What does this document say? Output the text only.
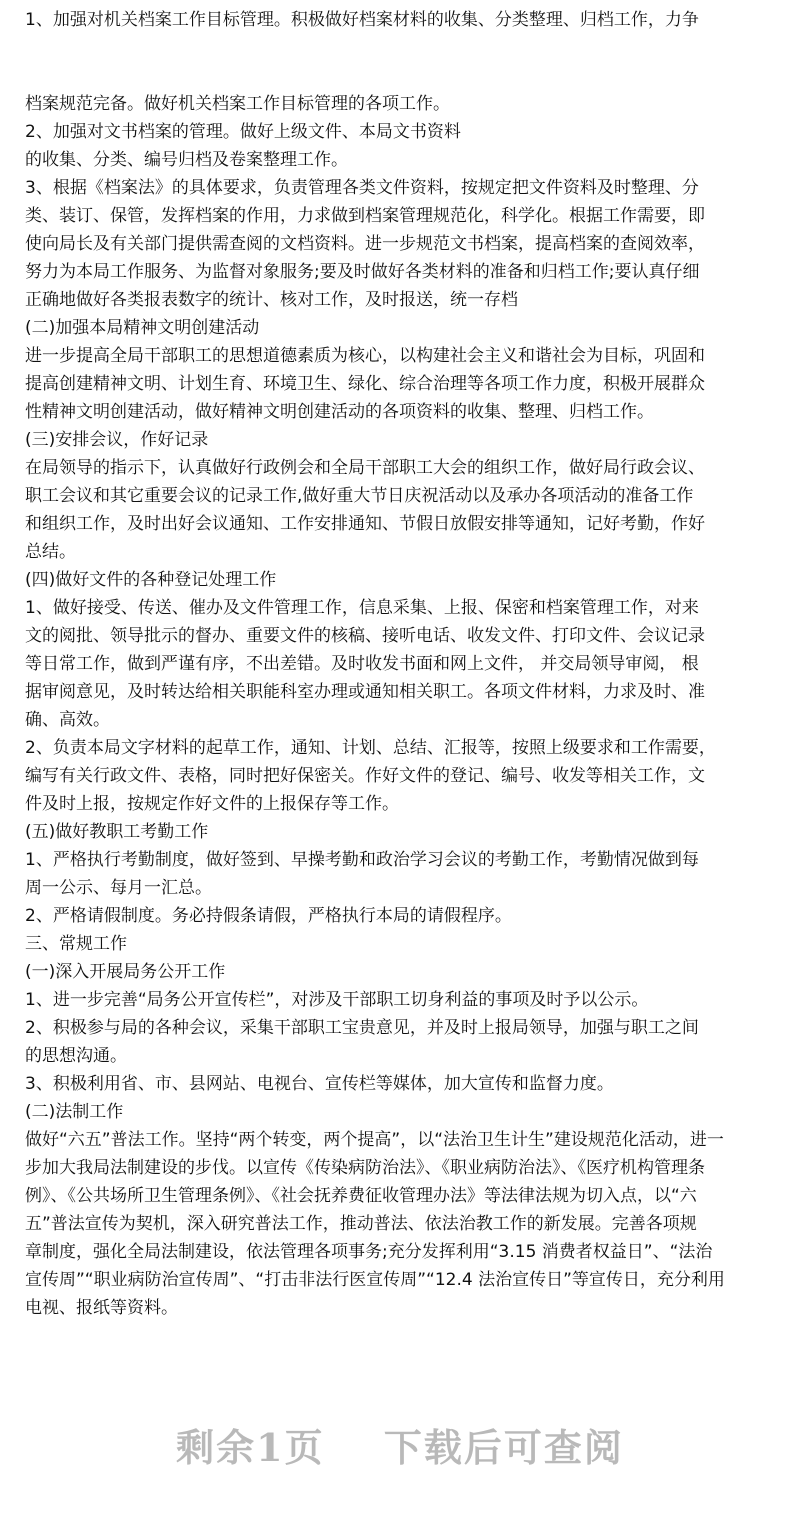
1、加强对机关档案工作目标管理。积极做好档案材料的收集、分类整理、归档工作，力争
档案规范完备。做好机关档案工作目标管理的各项工作。
2、加强对文书档案的管理。做好上级文件、本局文书资料
的收集、分类、编号归档及卷案整理工作。
3、根据《档案法》的具体要求，负责管理各类文件资料，按规定把文件资料及时整理、分
类、装订、保管，发挥档案的作用，力求做到档案管理规范化，科学化。根据工作需要，即
使向局长及有关部门提供需查阅的文档资料。进一步规范文书档案，提高档案的查阅效率，
努力为本局工作服务、为监督对象服务;要及时做好各类材料的准备和归档工作;要认真仔细
正确地做好各类报表数字的统计、核对工作，及时报送，统一存档
(二)加强本局精神文明创建活动
进一步提高全局干部职工的思想道德素质为核心，以构建社会主义和谐社会为目标，巩固和
提高创建精神文明、计划生育、环境卫生、绿化、综合治理等各项工作力度，积极开展群众
性精神文明创建活动，做好精神文明创建活动的各项资料的收集、整理、归档工作。
(三)安排会议，作好记录
在局领导的指示下，认真做好行政例会和全局干部职工大会的组织工作，做好局行政会议、
职工会议和其它重要会议的记录工作,做好重大节日庆祝活动以及承办各项活动的准备工作
和组织工作，及时出好会议通知、工作安排通知、节假日放假安排等通知，记好考勤，作好
总结。
(四)做好文件的各种登记处理工作
1、做好接受、传送、催办及文件管理工作，信息采集、上报、保密和档案管理工作，对来
文的阅批、领导批示的督办、重要文件的核稿、接听电话、收发文件、打印文件、会议记录
等日常工作，做到严谨有序，不出差错。及时收发书面和网上文件， 并交局领导审阅， 根
据审阅意见，及时转达给相关职能科室办理或通知相关职工。各项文件材料，力求及时、准
确、高效。
2、负责本局文字材料的起草工作，通知、计划、总结、汇报等，按照上级要求和工作需要，
编写有关行政文件、表格，同时把好保密关。作好文件的登记、编号、收发等相关工作，文
件及时上报，按规定作好文件的上报保存等工作。
(五)做好教职工考勤工作
1、严格执行考勤制度，做好签到、早操考勤和政治学习会议的考勤工作，考勤情况做到每
周一公示、每月一汇总。
2、严格请假制度。务必持假条请假，严格执行本局的请假程序。
三、常规工作
(一)深入开展局务公开工作
1、进一步完善“局务公开宣传栏”，对涉及干部职工切身利益的事项及时予以公示。
2、积极参与局的各种会议，采集干部职工宝贵意见，并及时上报局领导，加强与职工之间
的思想沟通。
3、积极利用省、市、县网站、电视台、宣传栏等媒体，加大宣传和监督力度。
(二)法制工作
做好“六五”普法工作。坚持“两个转变，两个提高”，以“法治卫生计生”建设规范化活动，进一
步加大我局法制建设的步伐。以宣传《传染病防治法》、《职业病防治法》、《医疗机构管理条
例》、《公共场所卫生管理条例》、《社会抚养费征收管理办法》等法律法规为切入点，以“六
五”普法宣传为契机，深入研究普法工作，推动普法、依法治教工作的新发展。完善各项规
章制度，强化全局法制建设，依法管理各项事务;充分发挥利用“3.15 消费者权益日”、“法治
宣传周”“职业病防治宣传周”、“打击非法行医宣传周”“12.4 法治宣传日”等宣传日，充分利用
电视、报纸等资料。
剩余1页 下载后可查阅
